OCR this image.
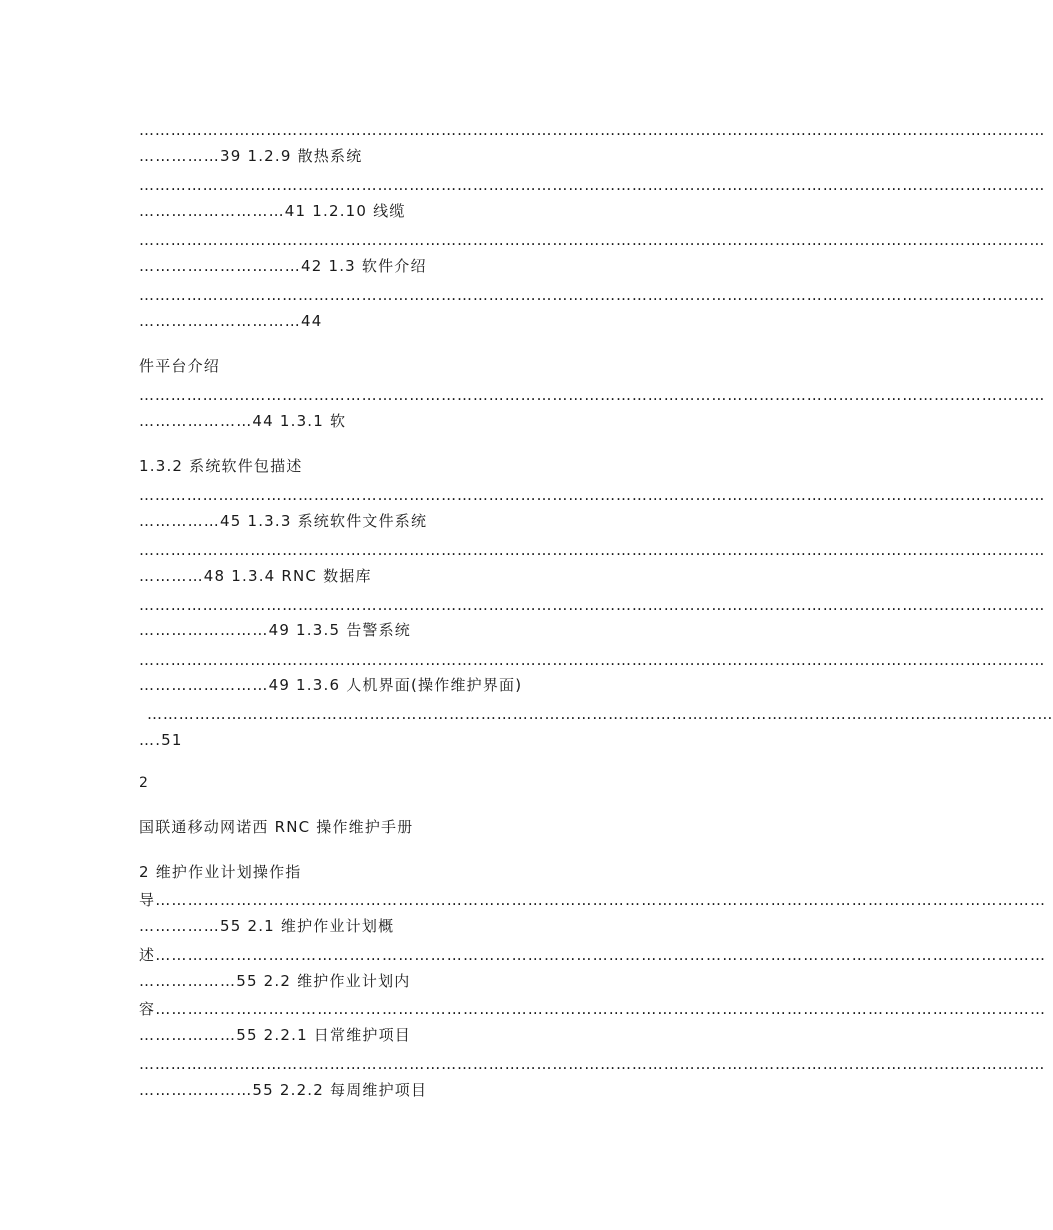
………………………………………………………………………………………………………………………………………………………
……………39 1.2.9 散热系统
………………………………………………………………………………………………………………………………………………………
………………………41 1.2.10 线缆
………………………………………………………………………………………………………………………………………………………
…………………………42 1.3 软件介绍
………………………………………………………………………………………………………………………………………………………
…………………………44
件平台介绍
………………………………………………………………………………………………………………………………………………………
…………………44 1.3.1 软
1.3.2 系统软件包描述
………………………………………………………………………………………………………………………………………………………
……………45 1.3.3 系统软件文件系统
………………………………………………………………………………………………………………………………………………………
…………48 1.3.4 RNC 数据库
………………………………………………………………………………………………………………………………………………………
……………………49 1.3.5 告警系统
………………………………………………………………………………………………………………………………………………………
……………………49 1.3.6 人机界面(操作维护界面)
………………………………………………………………………………………………………………………………………………………
….51
2
国联通移动网诺西 RNC 操作维护手册
2 维护作业计划操作指
导…………………………………………………………………………………………………………………………………………………
……………55 2.1 维护作业计划概
述…………………………………………………………………………………………………………………………………………………
………………55 2.2 维护作业计划内
容…………………………………………………………………………………………………………………………………………………
………………55 2.2.1 日常维护项目
………………………………………………………………………………………………………………………………………………………
…………………55 2.2.2 每周维护项目
